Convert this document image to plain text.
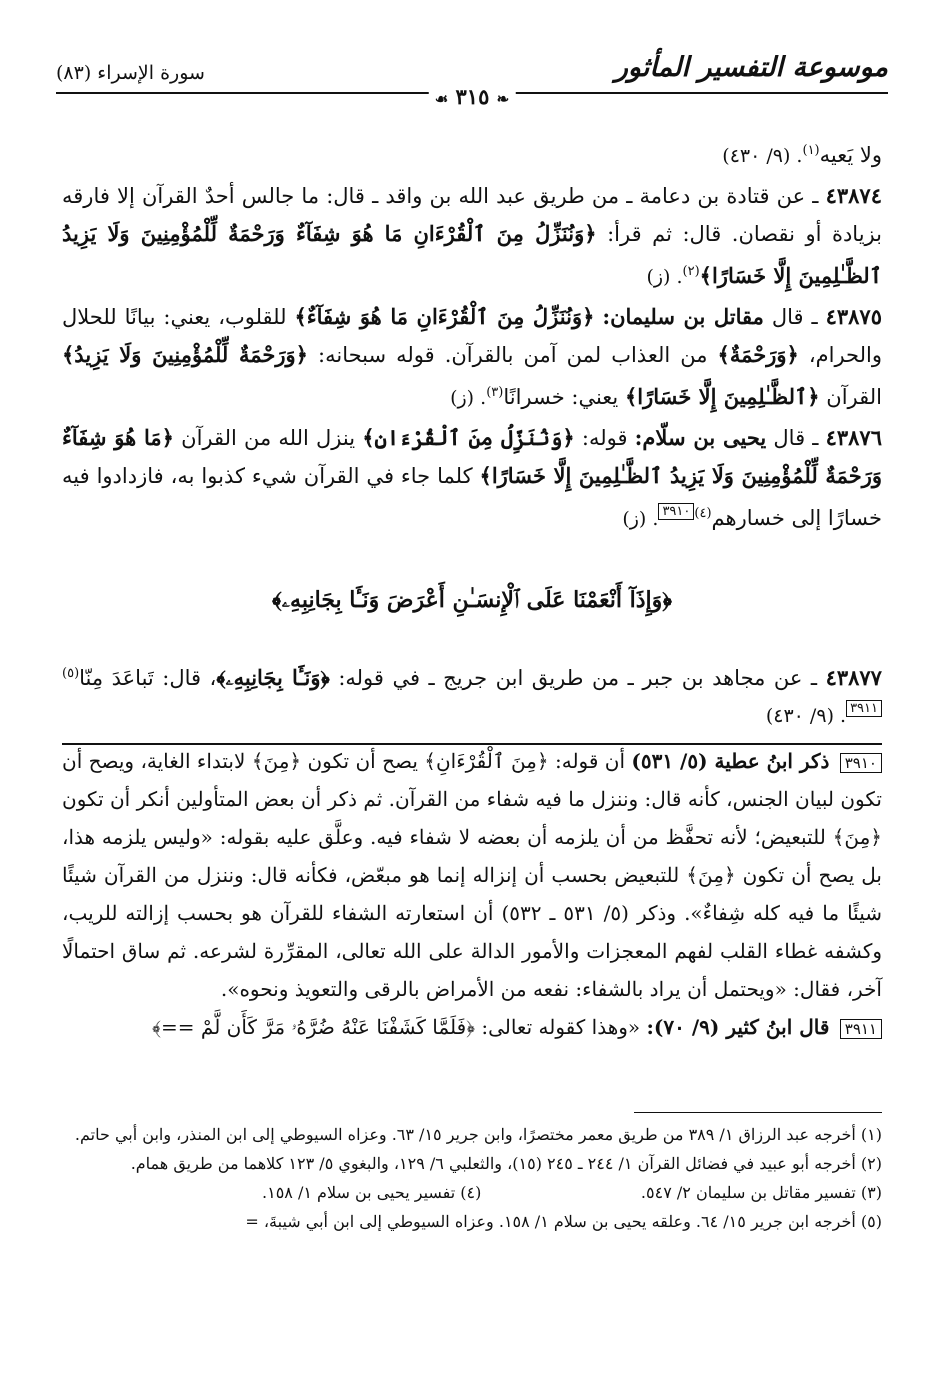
موسوعة التفسير المأثور
سورة الإسراء (٨٣)
❧ ٣١٥ ☙

ولا يَعيه$^{(١)}$. (٩/ ٤٣٠)

٤٣٨٧٤ ـ عن قتادة بن دعامة ـ من طريق عبد الله بن واقد ـ قال: ما جالس أحدٌ القرآن إلا فارقه بزيادة أو نقصان. قال: ثم قرأ: ﴿وَنُنَزِّلُ مِنَ ٱلْقُرْءَانِ مَا هُوَ شِفَآءٌ وَرَحْمَةٌ لِّلْمُؤْمِنِينَ وَلَا يَزِيدُ ٱلظَّـٰلِمِينَ إِلَّا خَسَارًا﴾$^{(٢)}$. (ز)

٤٣٨٧٥ ـ قال مقاتل بن سليمان: ﴿وَنُنَزِّلُ مِنَ ٱلْقُرْءَانِ مَا هُوَ شِفَآءٌ﴾ للقلوب، يعني: بيانًا للحلال والحرام، ﴿وَرَحْمَةٌ﴾ من العذاب لمن آمن بالقرآن. قوله سبحانه: ﴿وَرَحْمَةٌ لِّلْمُؤْمِنِينَ وَلَا يَزِيدُ﴾ القرآن ﴿ٱلظَّـٰلِمِينَ إِلَّا خَسَارًا﴾ يعني: خسرانًا$^{(٣)}$. (ز)

٤٣٨٧٦ ـ قال يحيى بن سلّام: قوله: ﴿وَنُنَزِّلُ مِنَ ٱلْقُرْءَانِ﴾ ينزل الله من القرآن ﴿مَا هُوَ شِفَآءٌ وَرَحْمَةٌ لِّلْمُؤْمِنِينَ وَلَا يَزِيدُ ٱلظَّـٰلِمِينَ إِلَّا خَسَارًا﴾ كلما جاء في القرآن شيء كذبوا به، فازدادوا فيه خسارًا إلى خسارهم$^{(٤)}$٣٩١٠. (ز)

﴿وَإِذَآ أَنْعَمْنَا عَلَى ٱلْإِنسَـٰنِ أَعْرَضَ وَنَـَٔا بِجَانِبِهِۦ﴾

٤٣٨٧٧ ـ عن مجاهد بن جبر ـ من طريق ابن جريج ـ في قوله: ﴿وَنَـَٔا بِجَانِبِهِۦ﴾، قال: تَباعَدَ مِنّا$^{(٥)}$٣٩١١. (٩/ ٤٣٠)

٣٩١٠ ذكر ابنُ عطية (٥/ ٥٣١) أن قوله: ﴿مِنَ ٱلْقُرْءَانِ﴾ يصح أن تكون ﴿مِنَ﴾ لابتداء الغاية، ويصح أن تكون لبيان الجنس، كأنه قال: وننزل ما فيه شفاء من القرآن. ثم ذكر أن بعض المتأولين أنكر أن تكون ﴿مِنَ﴾ للتبعيض؛ لأنه تحفَّظ من أن يلزمه أن بعضه لا شفاء فيه. وعلَّق عليه بقوله: «وليس يلزمه هذا، بل يصح أن تكون ﴿مِنَ﴾ للتبعيض بحسب أن إنزاله إنما هو مبعّض، فكأنه قال: وننزل من القرآن شيئًا شيئًا ما فيه كله شِفاءٌ». وذكر (٥/ ٥٣١ ـ ٥٣٢) أن استعارته الشفاء للقرآن هو بحسب إزالته للريب، وكشفه غطاء القلب لفهم المعجزات والأمور الدالة على الله تعالى، المقرِّرة لشرعه. ثم ساق احتمالًا آخر، فقال: «ويحتمل أن يراد بالشفاء: نفعه من الأمراض بالرقى والتعويذ ونحوه».

٣٩١١ قال ابنُ كثير (٩/ ٧٠): «وهذا كقوله تعالى: ﴿فَلَمَّا كَشَفْنَا عَنْهُ ضُرَّهُۥ مَرَّ كَأَن لَّمْ ==﴾

(١) أخرجه عبد الرزاق ١/ ٣٨٩ من طريق معمر مختصرًا، وابن جرير ١٥/ ٦٣. وعزاه السيوطي إلى ابن المنذر، وابن أبي حاتم.

(٢) أخرجه أبو عبيد في فضائل القرآن ١/ ٢٤٤ ـ ٢٤٥ (١٥)، والثعلبي ٦/ ١٢٩، والبغوي ٥/ ١٢٣ كلاهما من طريق همام.

(٣) تفسير مقاتل بن سليمان ٢/ ٥٤٧.
(٤) تفسير يحيى بن سلام ١/ ١٥٨.

(٥) أخرجه ابن جرير ١٥/ ٦٤. وعلقه يحيى بن سلام ١/ ١٥٨. وعزاه السيوطي إلى ابن أبي شيبةَ، =
